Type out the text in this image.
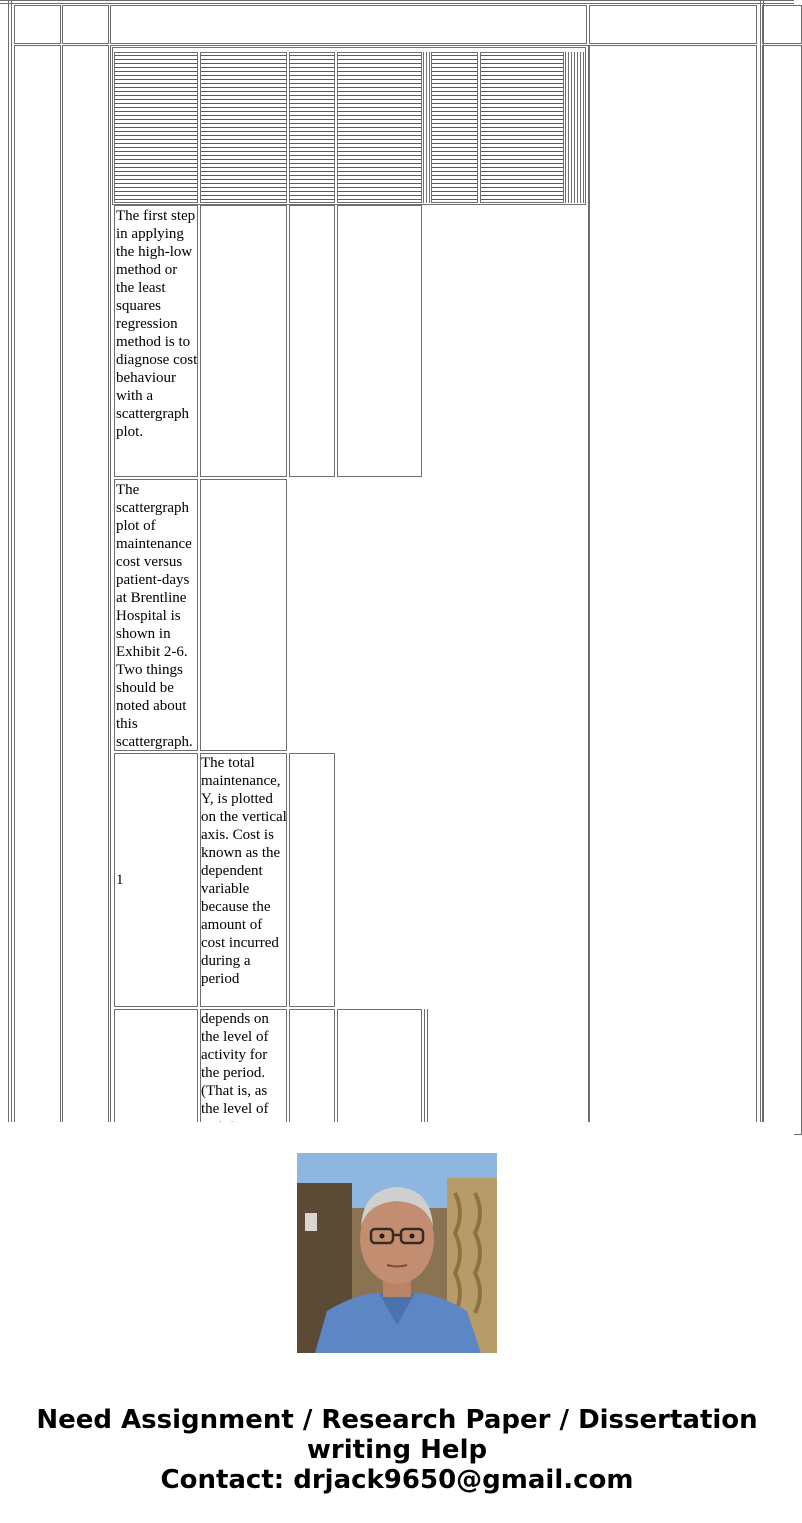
The first step in applying the high-low method or the least squares regression method is to diagnose cost behaviour with a scattergraph plot.
The scattergraph plot of maintenance cost versus patient-days at Brentline Hospital is shown in Exhibit 2-6. Two things should be noted about this scattergraph.
1
The total maintenance, Y, is plotted on the vertical axis. Cost is known as the dependent variable because the amount of cost incurred during a period
depends on the level of activity for the period. (That is, as the level of
Need Assignment / Research Paper / Dissertation
writing Help
Contact: drjack9650@gmail.com
